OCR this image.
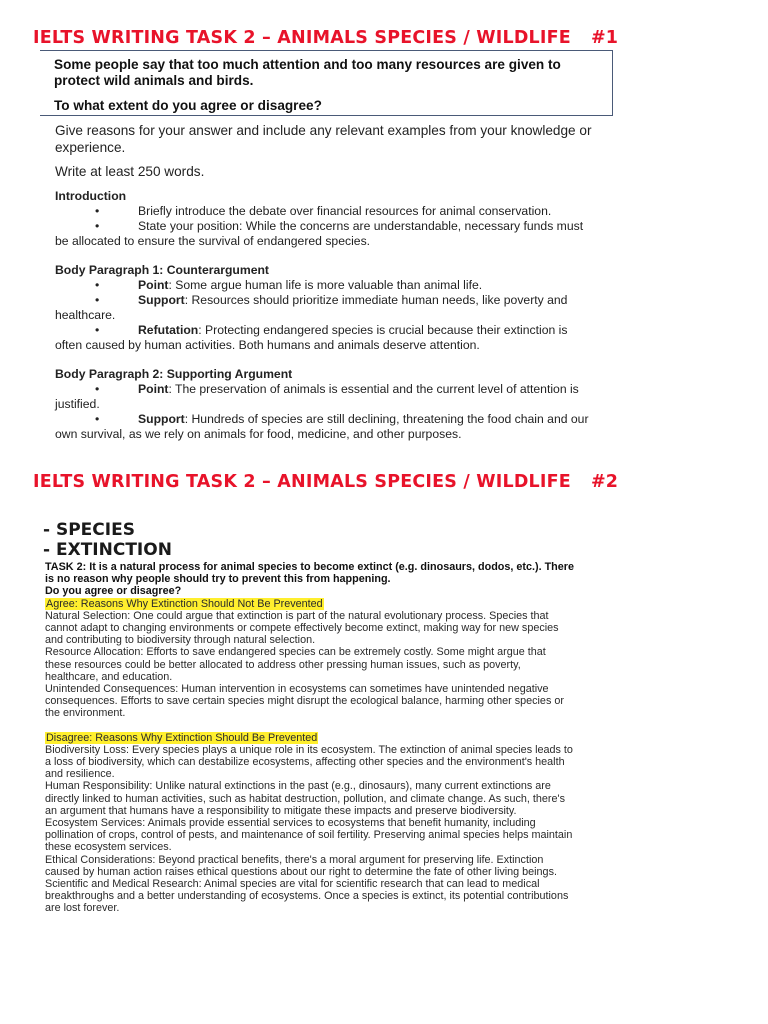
IELTS WRITING TASK 2 – ANIMALS SPECIES / WILDLIFE #1
Some people say that too much attention and too many resources are given to protect wild animals and birds.
To what extent do you agree or disagree?
Give reasons for your answer and include any relevant examples from your knowledge or experience.
Write at least 250 words.
Introduction
• Briefly introduce the debate over financial resources for animal conservation.
• State your position: While the concerns are understandable, necessary funds must be allocated to ensure the survival of endangered species.
Body Paragraph 1: Counterargument
• Point: Some argue human life is more valuable than animal life.
• Support: Resources should prioritize immediate human needs, like poverty and healthcare.
• Refutation: Protecting endangered species is crucial because their extinction is often caused by human activities. Both humans and animals deserve attention.
Body Paragraph 2: Supporting Argument
• Point: The preservation of animals is essential and the current level of attention is justified.
• Support: Hundreds of species are still declining, threatening the food chain and our own survival, as we rely on animals for food, medicine, and other purposes.
IELTS WRITING TASK 2 – ANIMALS SPECIES / WILDLIFE #2
- SPECIES
- EXTINCTION

TASK 2: It is a natural process for animal species to become extinct (e.g. dinosaurs, dodos, etc.). There is no reason why people should try to prevent this from happening.

Do you agree or disagree?

Agree: Reasons Why Extinction Should Not Be Prevented

Natural Selection: One could argue that extinction is part of the natural evolutionary process. Species that cannot adapt to changing environments or compete effectively become extinct, making way for new species and contributing to biodiversity through natural selection.

Resource Allocation: Efforts to save endangered species can be extremely costly. Some might argue that these resources could be better allocated to address other pressing human issues, such as poverty, healthcare, and education.

Unintended Consequences: Human intervention in ecosystems can sometimes have unintended negative consequences. Efforts to save certain species might disrupt the ecological balance, harming other species or the environment.

Disagree: Reasons Why Extinction Should Be Prevented

Biodiversity Loss: Every species plays a unique role in its ecosystem. The extinction of animal species leads to a loss of biodiversity, which can destabilize ecosystems, affecting other species and the environment's health and resilience.

Human Responsibility: Unlike natural extinctions in the past (e.g., dinosaurs), many current extinctions are directly linked to human activities, such as habitat destruction, pollution, and climate change. As such, there's an argument that humans have a responsibility to mitigate these impacts and preserve biodiversity.

Ecosystem Services: Animals provide essential services to ecosystems that benefit humanity, including pollination of crops, control of pests, and maintenance of soil fertility. Preserving animal species helps maintain these ecosystem services.

Ethical Considerations: Beyond practical benefits, there's a moral argument for preserving life. Extinction caused by human action raises ethical questions about our right to determine the fate of other living beings.

Scientific and Medical Research: Animal species are vital for scientific research that can lead to medical breakthroughs and a better understanding of ecosystems. Once a species is extinct, its potential contributions are lost forever.
